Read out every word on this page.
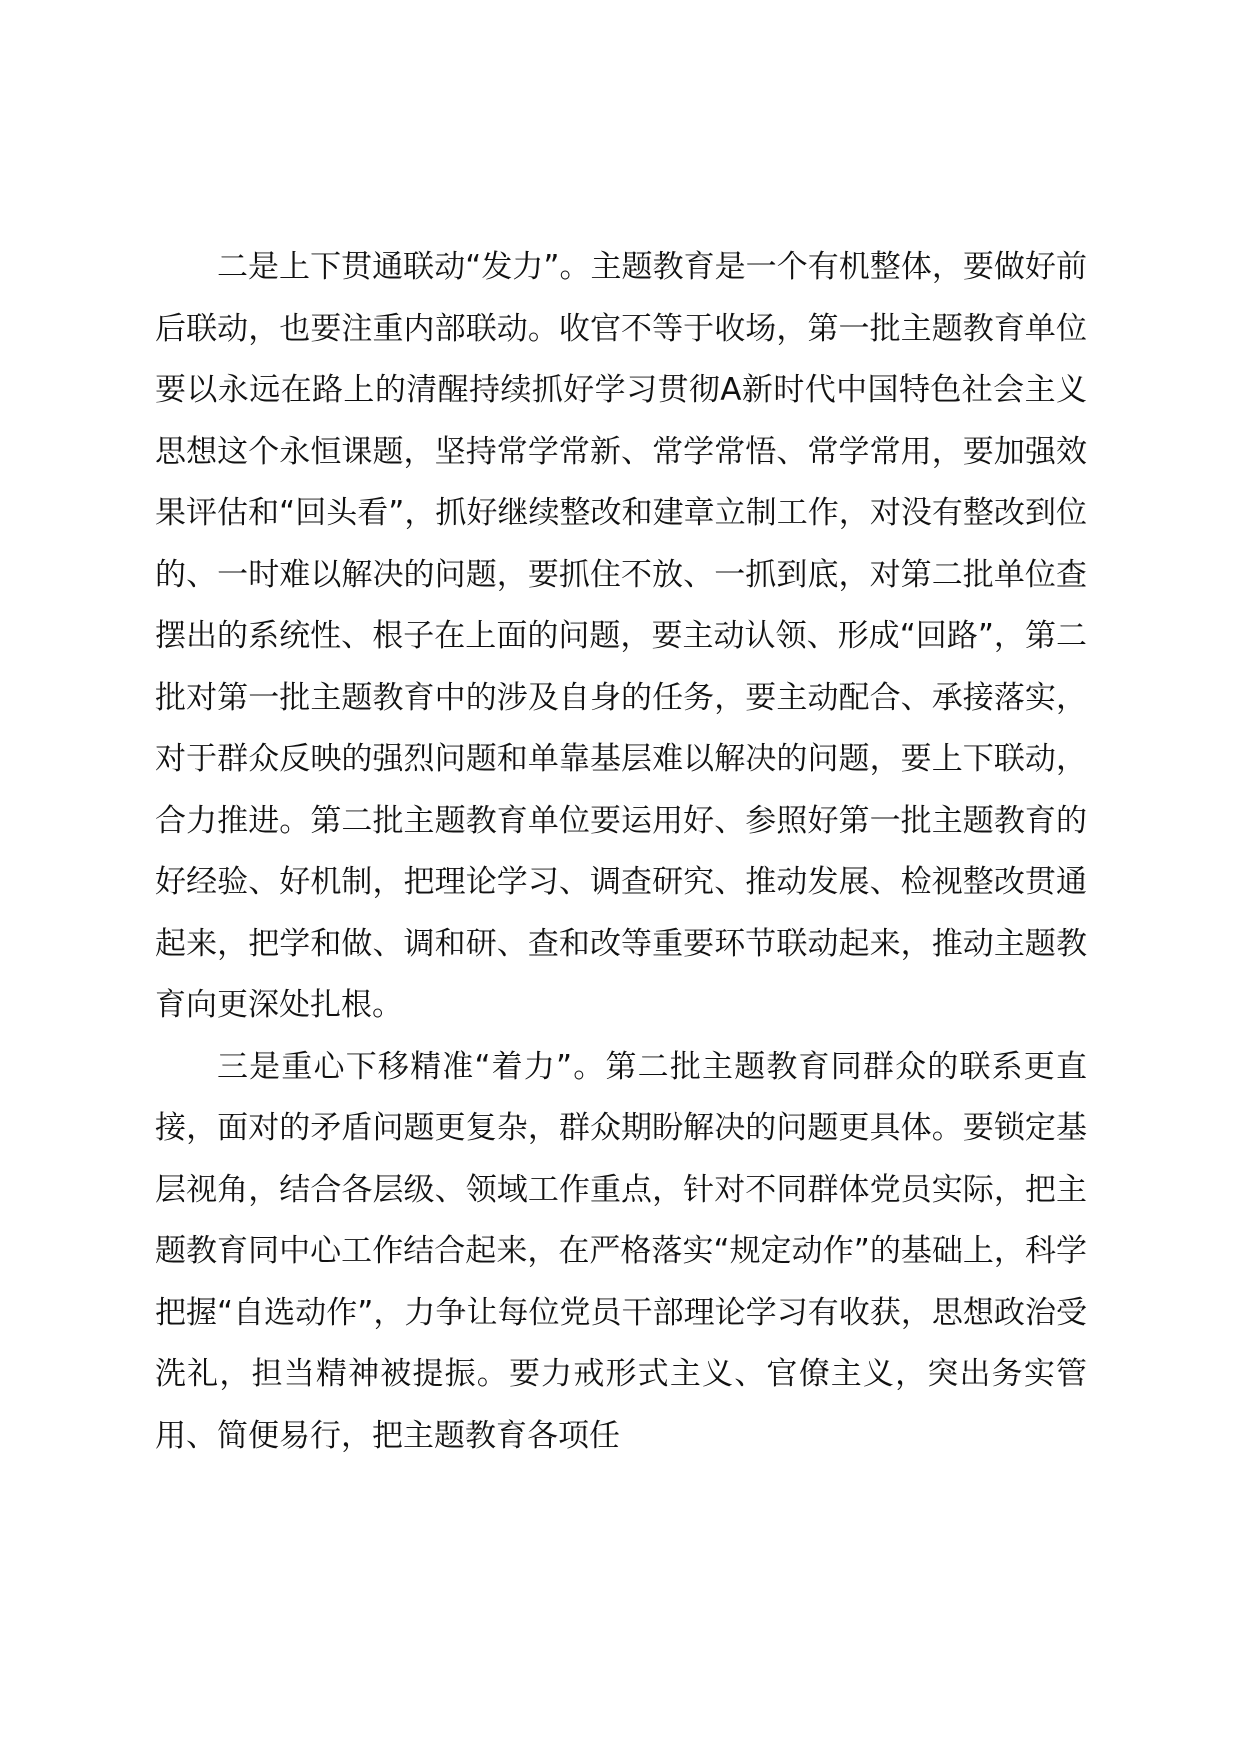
二是上下贯通联动“发力”。主题教育是一个有机整体，要做好前后联动，也要注重内部联动。收官不等于收场，第一批主题教育单位要以永远在路上的清醒持续抓好学习贯彻A新时代中国特色社会主义思想这个永恒课题，坚持常学常新、常学常悟、常学常用，要加强效果评估和“回头看”，抓好继续整改和建章立制工作，对没有整改到位的、一时难以解决的问题，要抓住不放、一抓到底，对第二批单位查摆出的系统性、根子在上面的问题，要主动认领、形成“回路”，第二批对第一批主题教育中的涉及自身的任务，要主动配合、承接落实，对于群众反映的强烈问题和单靠基层难以解决的问题，要上下联动，合力推进。第二批主题教育单位要运用好、参照好第一批主题教育的好经验、好机制，把理论学习、调查研究、推动发展、检视整改贯通起来，把学和做、调和研、查和改等重要环节联动起来，推动主题教育向更深处扎根。

三是重心下移精准“着力”。第二批主题教育同群众的联系更直接，面对的矛盾问题更复杂，群众期盼解决的问题更具体。要锁定基层视角，结合各层级、领域工作重点，针对不同群体党员实际，把主题教育同中心工作结合起来，在严格落实“规定动作”的基础上，科学把握“自选动作”，力争让每位党员干部理论学习有收获，思想政治受洗礼，担当精神被提振。要力戒形式主义、官僚主义，突出务实管用、简便易行，把主题教育各项任
